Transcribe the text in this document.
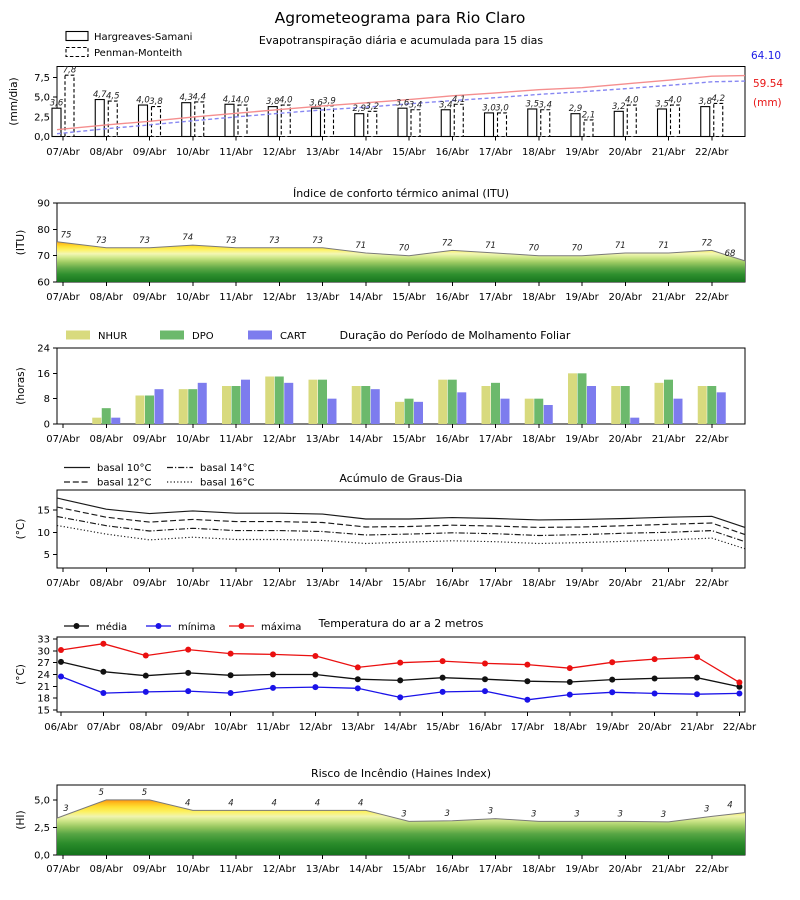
0,0
2,5
5,0
7,5
07/Abr 08/Abr 09/Abr 10/Abr 11/Abr 12/Abr 13/Abr 14/Abr 15/Abr 16/Abr 17/Abr 18/Abr 19/Abr 20/Abr 21/Abr 22/Abr
(mm/dia)	3,6
4,7
4,0	4,3	4,1	3,8	3,6
2,9
3,6	3,4	3,0	3,5	2,9	3,2	3,5	3,8
7,8
4,5
3,8	4,4	4,0	4,0	3,9
3,2	3,4
4,1
3,0	3,4
2,1
4,0	4,0	4,2
Hargreaves-Samani
Penman-Monteith
60
70
80
90
07/Abr 08/Abr 09/Abr 10/Abr 11/Abr 12/Abr 13/Abr 14/Abr 15/Abr 16/Abr 17/Abr 18/Abr 19/Abr 20/Abr 21/Abr 22/Abr
(ITU)	75
73	73	74	73	73	73
71	70
72	71	70	70	71	71	72
68
0,0
2,5
5,0
07/Abr 08/Abr 09/Abr 10/Abr 11/Abr 12/Abr 13/Abr 14/Abr 15/Abr 16/Abr 17/Abr 18/Abr 19/Abr 20/Abr 21/Abr 22/Abr
(HI)
3
5	5
4	4	4	4	4
3	3	3	3	3	3	3
3 4
0
8
16
24
07/Abr 08/Abr 09/Abr 10/Abr 11/Abr 12/Abr 13/Abr 14/Abr 15/Abr 16/Abr 17/Abr 18/Abr 19/Abr 20/Abr 21/Abr 22/Abr
(horas)
NHUR	DPO	CART
5
10
15
07/Abr 08/Abr 09/Abr 10/Abr 11/Abr 12/Abr 13/Abr 14/Abr 15/Abr 16/Abr 17/Abr 18/Abr 19/Abr 20/Abr 21/Abr 22/Abr
(°C)
basal 10°C
basal 12°C
basal 14°C
basal 16°C
15
18
21
24
27
30
33
06/Abr 07/Abr 08/Abr 09/Abr 10/Abr 11/Abr 12/Abr 13/Abr 14/Abr 15/Abr 16/Abr 17/Abr 18/Abr 19/Abr 20/Abr 21/Abr 22/Abr
(°C)
média	mínima	máxima
Agrometeograma para Rio Claro
Evapotranspiração diária e acumulada para 15 dias
Índice de conforto térmico animal (ITU)
Duração do Período de Molhamento Foliar
Acúmulo de Graus-Dia
Temperatura do ar a 2 metros
Risco de Incêndio (Haines Index)
64.10
59.54
(mm)
